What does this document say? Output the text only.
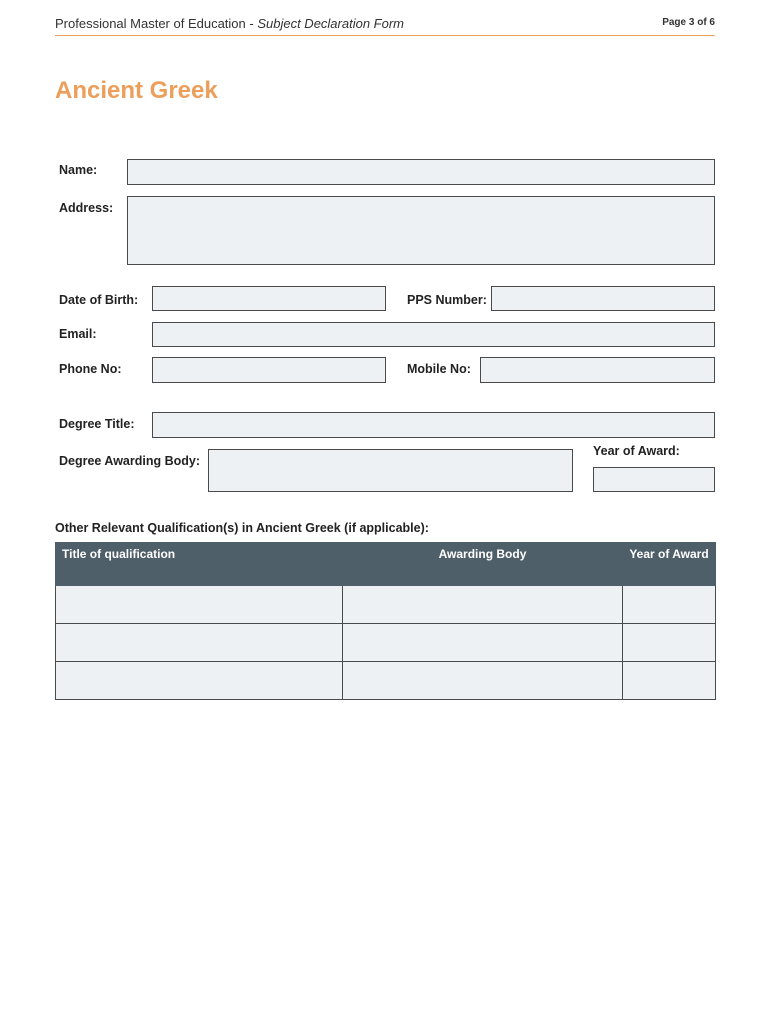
Professional Master of Education - Subject Declaration Form	Page 3 of 6
Ancient Greek
Name:
Address:
Date of Birth:	PPS Number:
Email:
Phone No:	Mobile No:
Degree Title:
Degree Awarding Body:
Year of Award:
Other Relevant Qualification(s) in Ancient Greek (if applicable):
Title of qualification	Awarding Body	Year of Award
